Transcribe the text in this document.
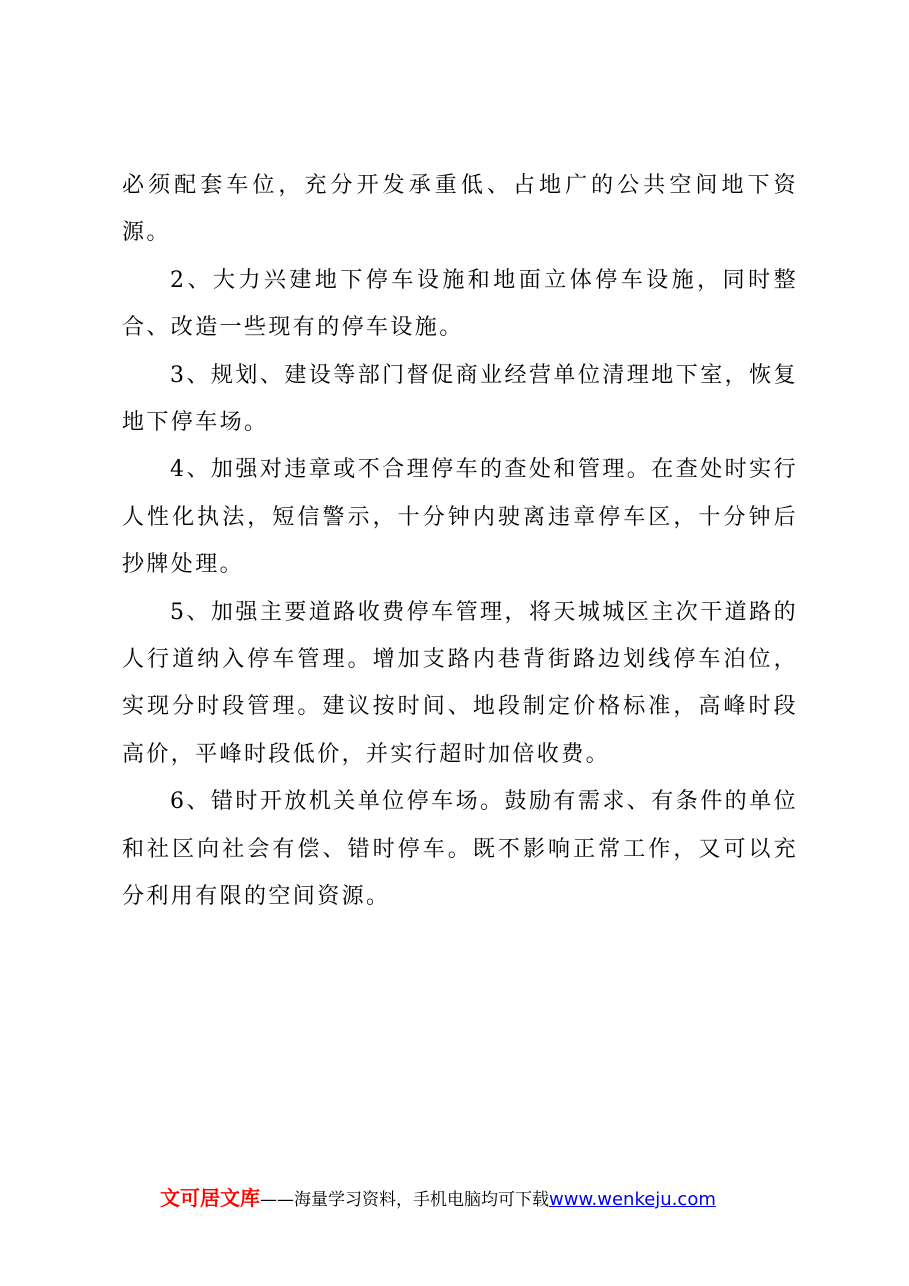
必须配套车位，充分开发承重低、占地广的公共空间地下资源。

2、大力兴建地下停车设施和地面立体停车设施，同时整合、改造一些现有的停车设施。

3、规划、建设等部门督促商业经营单位清理地下室，恢复地下停车场。

4、加强对违章或不合理停车的查处和管理。在查处时实行人性化执法，短信警示，十分钟内驶离违章停车区，十分钟后抄牌处理。

5、加强主要道路收费停车管理，将天城城区主次干道路的人行道纳入停车管理。增加支路内巷背街路边划线停车泊位，实现分时段管理。建议按时间、地段制定价格标准，高峰时段高价，平峰时段低价，并实行超时加倍收费。

6、错时开放机关单位停车场。鼓励有需求、有条件的单位和社区向社会有偿、错时停车。既不影响正常工作，又可以充分利用有限的空间资源。

文可居文库——海量学习资料，手机电脑均可下载www.wenkeju.com
